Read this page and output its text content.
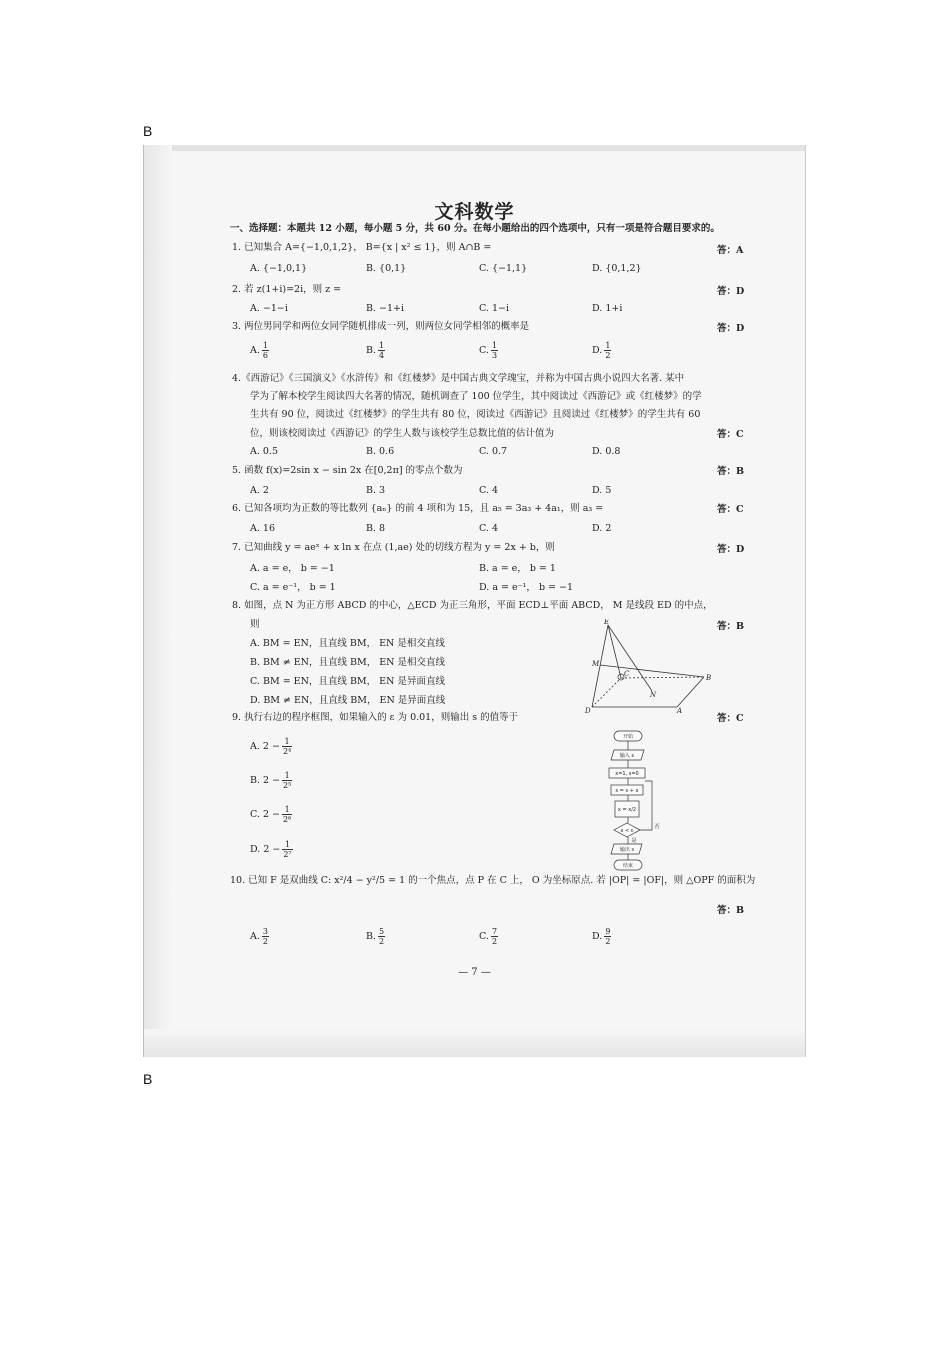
B
B
文科数学
一、选择题：本题共 12 小题，每小题 5 分，共 60 分。在每小题给出的四个选项中，只有一项是符合题目要求的。
1. 已知集合 A={−1,0,1,2}， B={x | x² ≤ 1}，则 A∩B =	答：A
A. {−1,0,1}	B. {0,1}	C. {−1,1}	D. {0,1,2}
2. 若 z(1+i)=2i，则 z =	答：D
A. −1−i	B. −1+i	C. 1−i	D. 1+i
3. 两位男同学和两位女同学随机排成一列，则两位女同学相邻的概率是	答：D
A. $\frac{1}{6}$	B. $\frac{1}{4}$	C. $\frac{1}{3}$	D. $\frac{1}{2}$
4.《西游记》《三国演义》《水浒传》和《红楼梦》是中国古典文学瑰宝，并称为中国古典小说四大名著. 某中
学为了解本校学生阅读四大名著的情况，随机调查了 100 位学生，其中阅读过《西游记》或《红楼梦》的学
生共有 90 位，阅读过《红楼梦》的学生共有 80 位，阅读过《西游记》且阅读过《红楼梦》的学生共有 60
位，则该校阅读过《西游记》的学生人数与该校学生总数比值的估计值为	答：C
A. 0.5	B. 0.6	C. 0.7	D. 0.8
5. 函数 f(x)=2sin x − sin 2x 在[0,2π] 的零点个数为	答：B
A. 2	B. 3	C. 4	D. 5
6. 已知各项均为正数的等比数列 {aₙ} 的前 4 项和为 15，且 a₅ = 3a₃ + 4a₁，则 a₃ =	答：C
A. 16	B. 8	C. 4	D. 2
7. 已知曲线 y = aeˣ + x ln x 在点 (1,ae) 处的切线方程为 y = 2x + b，则	答：D
A. a = e， b = −1	B. a = e， b = 1
C. a = e⁻¹， b = 1	D. a = e⁻¹， b = −1
8. 如图，点 N 为正方形 ABCD 的中心，△ECD 为正三角形，平面 ECD⊥平面 ABCD， M 是线段 ED 的中点，
则	答：B
A. BM = EN，且直线 BM， EN 是相交直线
B. BM ≠ EN，且直线 BM， EN 是相交直线
C. BM = EN，且直线 BM， EN 是异面直线
D. BM ≠ EN，且直线 BM， EN 是异面直线
E
M
C
N
B
D	A
9. 执行右边的程序框图，如果输入的 ε 为 0.01，则输出 s 的值等于	答：C
A. $2 - \frac{1}{\text{2⁴}}$
B. $2 - \frac{1}{\text{2⁵}}$
C. $2 - \frac{1}{\text{2⁶}}$
D. $2 - \frac{1}{\text{2⁷}}$
开始
输入 ε
x=1, s=0
s = s + x
x = x/2
x < ε
否
是
输出 s
结束
10. 已知 F 是双曲线 C: x²/4 − y²/5 = 1 的一个焦点，点 P 在 C 上， O 为坐标原点. 若 |OP| = |OF|，则 △OPF 的面积为
答：B
A. $\frac{3}{2}$	B. $\frac{5}{2}$	C. $\frac{7}{2}$	D. $\frac{9}{2}$
— 7 —
